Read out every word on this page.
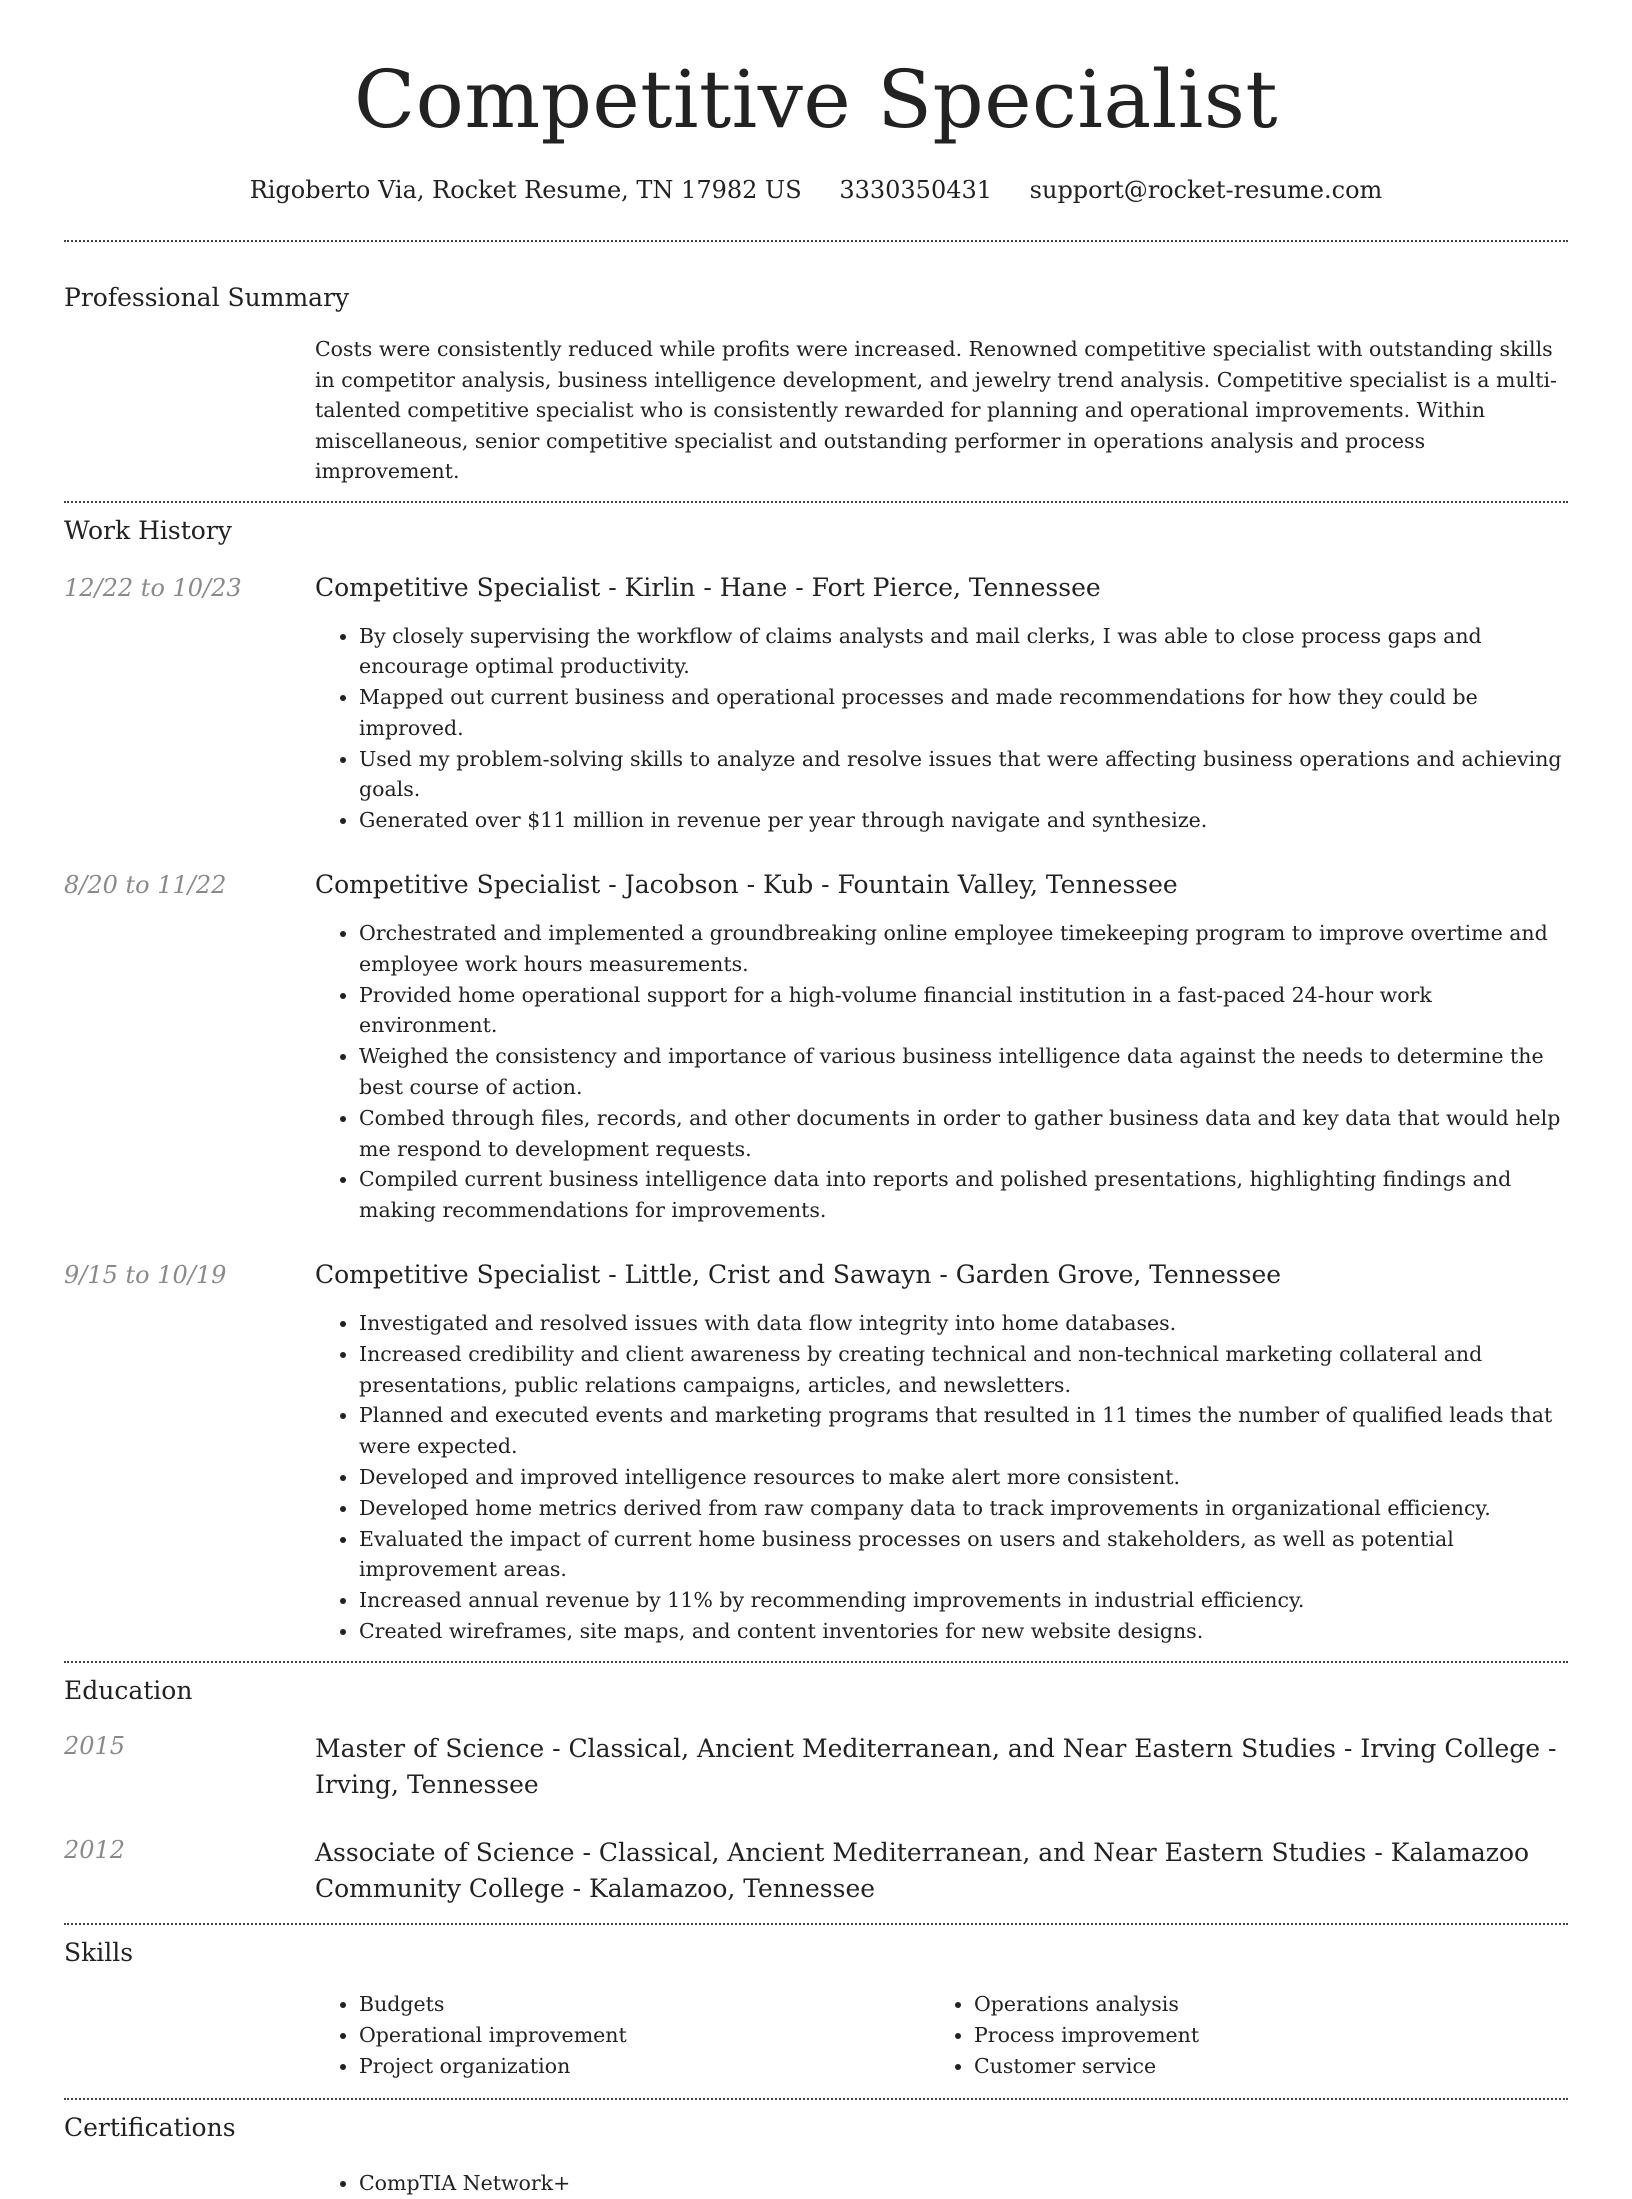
Competitive Specialist
Rigoberto Via, Rocket Resume, TN 17982 US 3330350431 support@rocket-resume.com
Professional Summary

Costs were consistently reduced while profits were increased. Renowned competitive specialist with outstanding skills in competitor analysis, business intelligence development, and jewelry trend analysis. Competitive specialist is a multi-talented competitive specialist who is consistently rewarded for planning and operational improvements. Within miscellaneous, senior competitive specialist and outstanding performer in operations analysis and process improvement.

Work History
12/22 to 10/23	Competitive Specialist - Kirlin - Hane - Fort Pierce, Tennessee
• By closely supervising the workflow of claims analysts and mail clerks, I was able to close process gaps and encourage optimal productivity.
• Mapped out current business and operational processes and made recommendations for how they could be improved.
• Used my problem-solving skills to analyze and resolve issues that were affecting business operations and achieving goals.
• Generated over $11 million in revenue per year through navigate and synthesize.
8/20 to 11/22	Competitive Specialist - Jacobson - Kub - Fountain Valley, Tennessee
• Orchestrated and implemented a groundbreaking online employee timekeeping program to improve overtime and employee work hours measurements.
• Provided home operational support for a high-volume financial institution in a fast-paced 24-hour work environment.
• Weighed the consistency and importance of various business intelligence data against the needs to determine the best course of action.
• Combed through files, records, and other documents in order to gather business data and key data that would help me respond to development requests.
• Compiled current business intelligence data into reports and polished presentations, highlighting findings and making recommendations for improvements.
9/15 to 10/19	Competitive Specialist - Little, Crist and Sawayn - Garden Grove, Tennessee
• Investigated and resolved issues with data flow integrity into home databases.
• Increased credibility and client awareness by creating technical and non-technical marketing collateral and presentations, public relations campaigns, articles, and newsletters.
• Planned and executed events and marketing programs that resulted in 11 times the number of qualified leads that were expected.
• Developed and improved intelligence resources to make alert more consistent.
• Developed home metrics derived from raw company data to track improvements in organizational efficiency.
• Evaluated the impact of current home business processes on users and stakeholders, as well as potential improvement areas.
• Increased annual revenue by 11% by recommending improvements in industrial efficiency.
• Created wireframes, site maps, and content inventories for new website designs.
Education
2015	Master of Science - Classical, Ancient Mediterranean, and Near Eastern Studies - Irving College - Irving, Tennessee
2012	Associate of Science - Classical, Ancient Mediterranean, and Near Eastern Studies - Kalamazoo Community College - Kalamazoo, Tennessee
Skills
• Budgets
• Operational improvement
• Project organization
• Operations analysis
• Process improvement
• Customer service
Certifications
• CompTIA Network+
